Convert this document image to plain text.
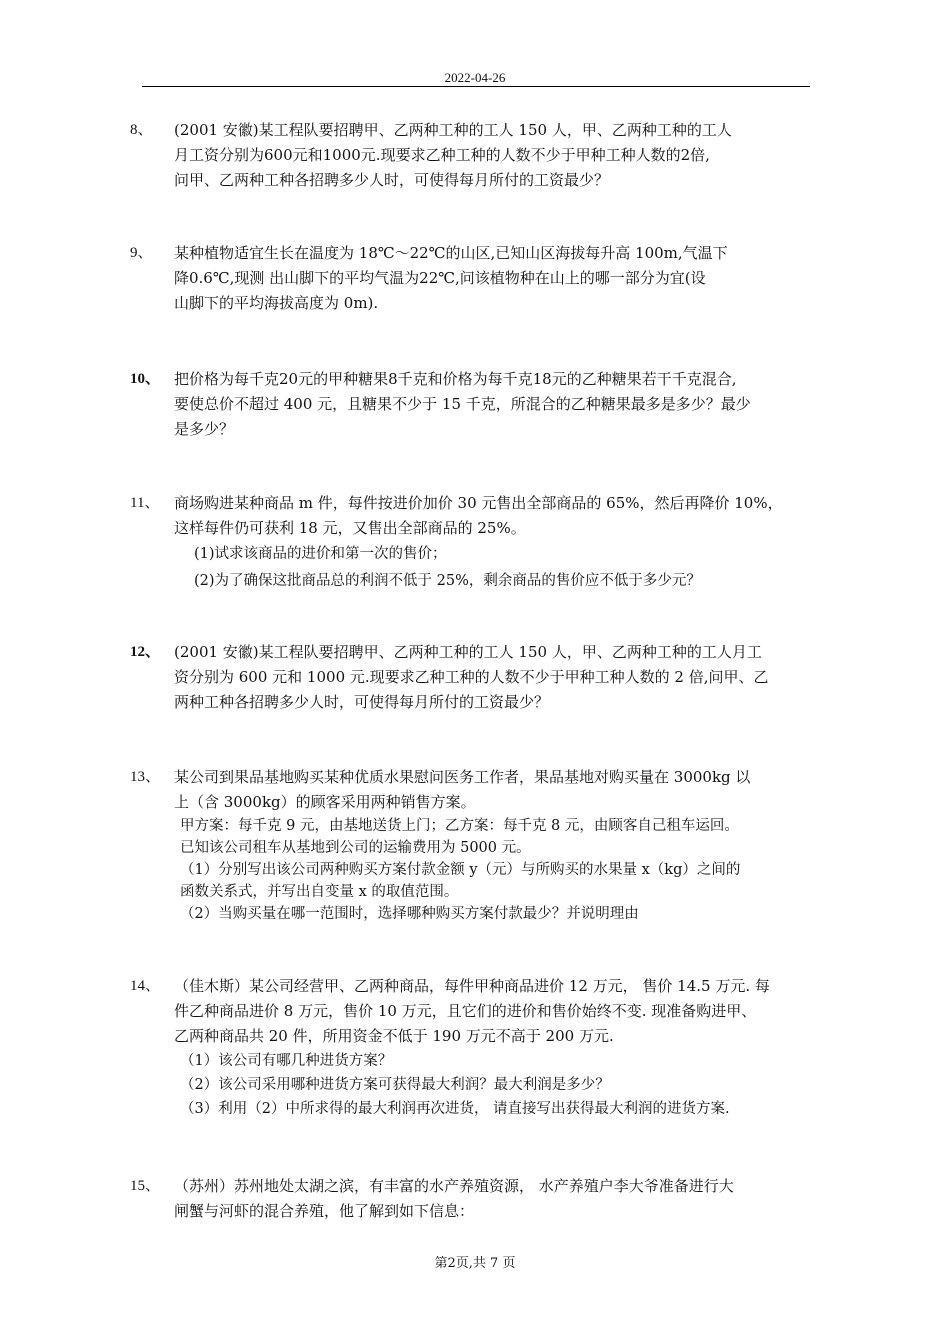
2022-04-26
8、	(2001 安徽)某工程队要招聘甲、乙两种工种的工人 150 人，甲、乙两种工种的工人

月工资分别为600元和1000元.现要求乙种工种的人数不少于甲种工种人数的2倍,

问甲、乙两种工种各招聘多少人时，可使得每月所付的工资最少？

9、	某种植物适宜生长在温度为 18℃～22℃的山区,已知山区海拔每升高 100m,气温下

降0.6℃,现测 出山脚下的平均气温为22℃,问该植物种在山上的哪一部分为宜(设

山脚下的平均海拔高度为 0m).

10、 把价格为每千克20元的甲种糖果8千克和价格为每千克18元的乙种糖果若干千克混合,

要使总价不超过 400 元，且糖果不少于 15 千克，所混合的乙种糖果最多是多少？最少

是多少？

11、 商场购进某种商品 m 件，每件按进价加价 30 元售出全部商品的 65%，然后再降价 10%，

这样每件仍可获利 18 元，又售出全部商品的 25%。

(1)试求该商品的进价和第一次的售价；

(2)为了确保这批商品总的利润不低于 25%，剩余商品的售价应不低于多少元？

12、 (2001 安徽)某工程队要招聘甲、乙两种工种的工人 150 人，甲、乙两种工种的工人月工

资分别为 600 元和 1000 元.现要求乙种工种的人数不少于甲种工种人数的 2 倍,问甲、乙

两种工种各招聘多少人时，可使得每月所付的工资最少？

13、 某公司到果品基地购买某种优质水果慰问医务工作者，果品基地对购买量在 3000kg 以

上（含 3000kg）的顾客采用两种销售方案。

甲方案：每千克 9 元，由基地送货上门；乙方案：每千克 8 元，由顾客自己租车运回。

已知该公司租车从基地到公司的运输费用为 5000 元。

（1）分别写出该公司两种购买方案付款金额 y（元）与所购买的水果量 x（kg）之间的

函数关系式，并写出自变量 x 的取值范围。

（2）当购买量在哪一范围时，选择哪种购买方案付款最少？并说明理由

14、 （佳木斯）某公司经营甲、乙两种商品，每件甲种商品进价 12 万元， 售价 14.5 万元. 每

件乙种商品进价 8 万元，售价 10 万元，且它们的进价和售价始终不变. 现准备购进甲、

乙两种商品共 20 件，所用资金不低于 190 万元不高于 200 万元.

（1）该公司有哪几种进货方案？

（2）该公司采用哪种进货方案可获得最大利润？最大利润是多少？

（3）利用（2）中所求得的最大利润再次进货， 请直接写出获得最大利润的进货方案.

15、 （苏州）苏州地处太湖之滨，有丰富的水产养殖资源， 水产养殖户李大爷准备进行大

闸蟹与河虾的混合养殖，他了解到如下信息：

第2页,共 7 页
